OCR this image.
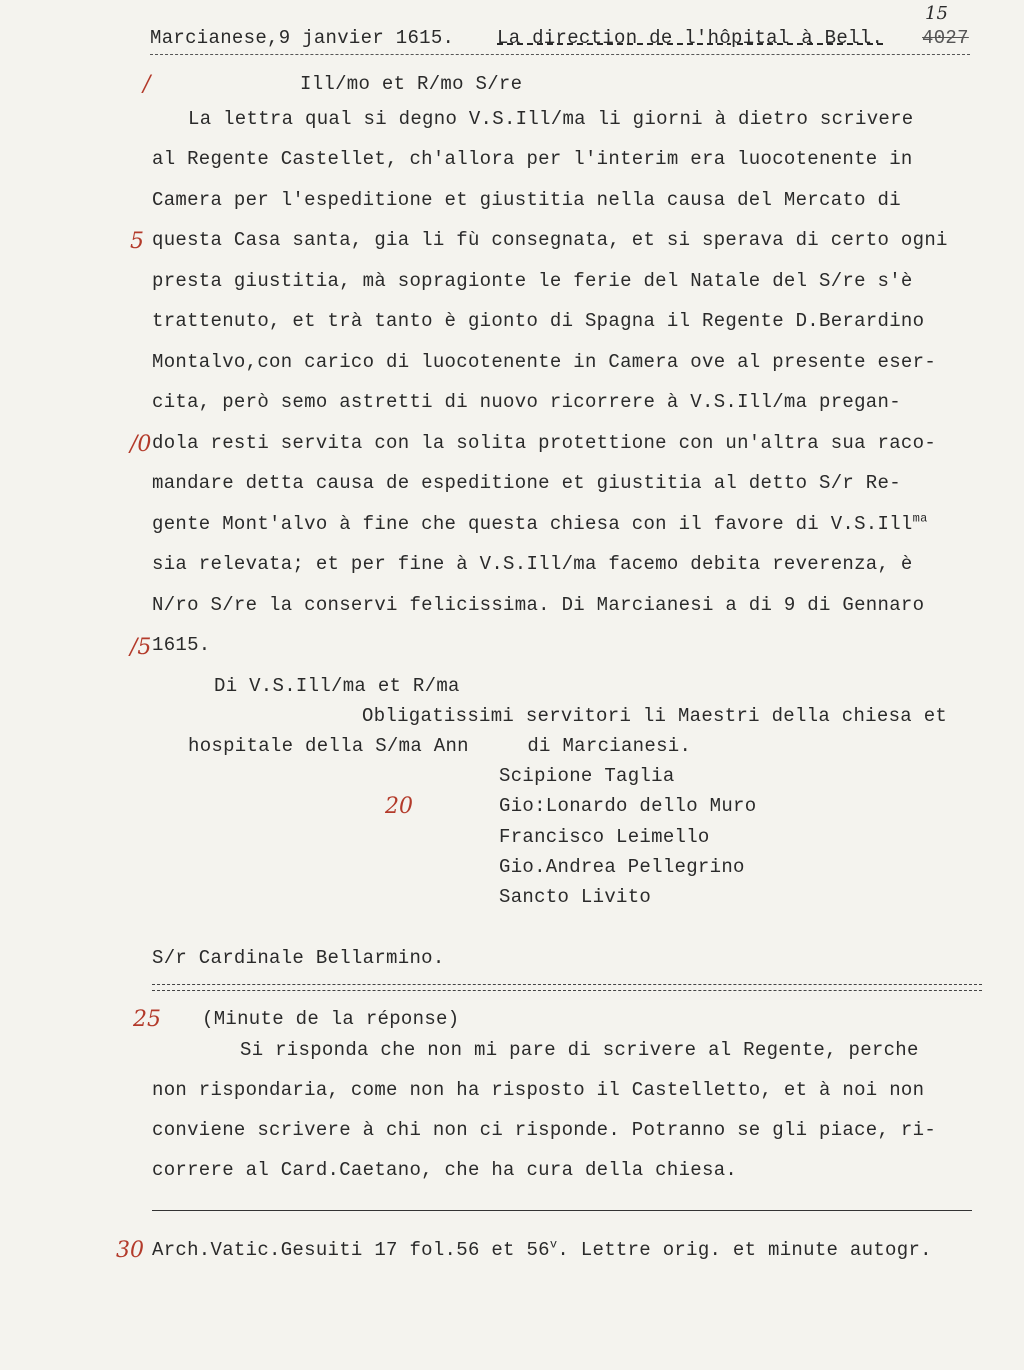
Marcianese,9 janvier 1615. La direction de l'hôpital à Bell. 4027
15
/
5
/0
/5
20
25
30
Ill/mo et R/mo S/re
La lettra qual si degno V.S.Ill/ma li giorni à dietro scrivere
al Regente Castellet, ch'allora per l'interim era luocotenente in
Camera per l'espeditione et giustitia nella causa del Mercato di
questa Casa santa, gia li fù consegnata, et si sperava di certo ogni
presta giustitia, mà sopragionte le ferie del Natale del S/re s'è
trattenuto, et trà tanto è gionto di Spagna il Regente D.Berardino
Montalvo,con carico di luocotenente in Camera ove al presente eser-
cita, però semo astretti di nuovo ricorrere à V.S.Ill/ma pregan-
dola resti servita con la solita protettione con un'altra sua raco-
mandare detta causa de espeditione et giustitia al detto S/r Re-
gente Mont'alvo à fine che questa chiesa con il favore di V.S.Ill$^{ma}$
sia relevata; et per fine à V.S.Ill/ma facemo debita reverenza, è
N/ro S/re la conservi felicissima. Di Marcianesi a di 9 di Gennaro
1615.
Di V.S.Ill/ma et R/ma
Obligatissimi servitori li Maestri della chiesa et
hospitale della S/ma Ann     di Marcianesi.
Scipione Taglia
Gio:Lonardo dello Muro
Francisco Leimello
Gio.Andrea Pellegrino
Sancto Livito
S/r Cardinale Bellarmino.
(Minute de la réponse)
Si risponda che non mi pare di scrivere al Regente, perche
non rispondaria, come non ha risposto il Castelletto, et à noi non
conviene scrivere à chi non ci risponde. Potranno se gli piace, ri-
correre al Card.Caetano, che ha cura della chiesa.
Arch.Vatic.Gesuiti 17 fol.56 et 56$^v$. Lettre orig. et minute autogr.
